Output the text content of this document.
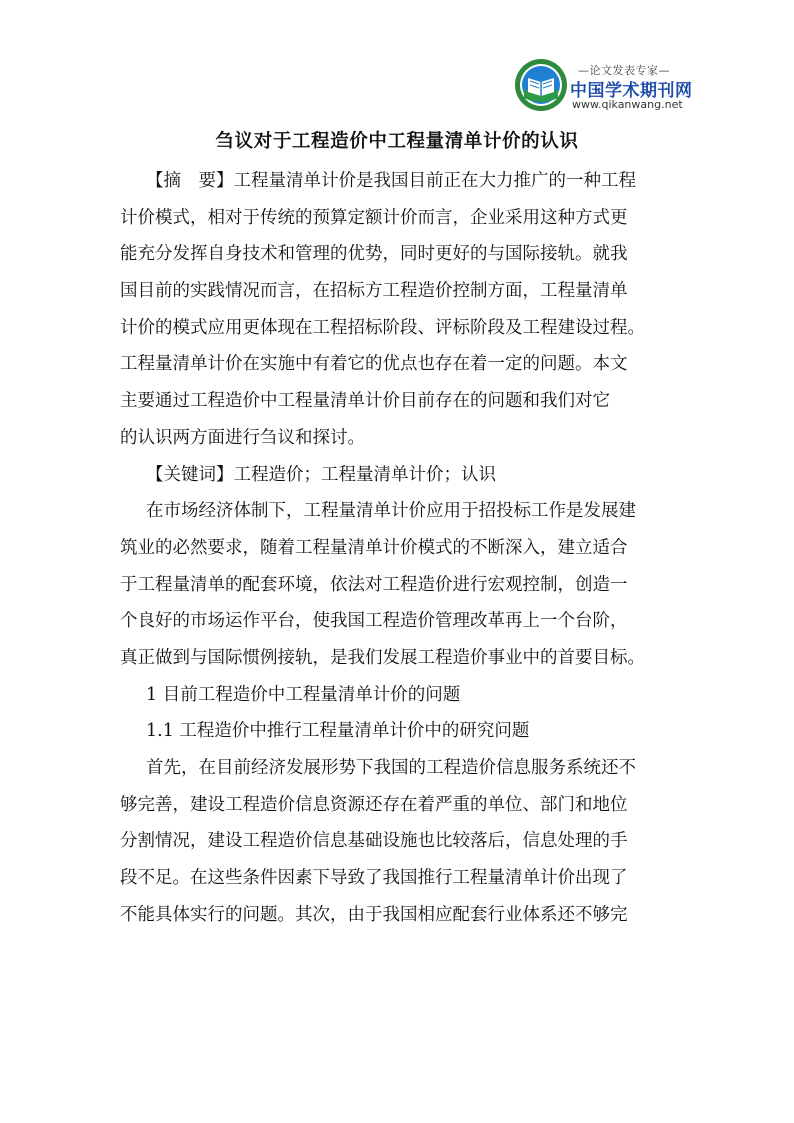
—论文发表专家—
中国学术期刊网
www.qikanwang.net
刍议对于工程造价中工程量清单计价的认识
【摘　要】工程量清单计价是我国目前正在大力推广的一种工程
计价模式，相对于传统的预算定额计价而言，企业采用这种方式更
能充分发挥自身技术和管理的优势，同时更好的与国际接轨。就我
国目前的实践情况而言，在招标方工程造价控制方面，工程量清单
计价的模式应用更体现在工程招标阶段、评标阶段及工程建设过程。
工程量清单计价在实施中有着它的优点也存在着一定的问题。本文
主要通过工程造价中工程量清单计价目前存在的问题和我们对它
的认识两方面进行刍议和探讨。
【关键词】工程造价；工程量清单计价；认识
在市场经济体制下，工程量清单计价应用于招投标工作是发展建
筑业的必然要求，随着工程量清单计价模式的不断深入，建立适合
于工程量清单的配套环境，依法对工程造价进行宏观控制，创造一
个良好的市场运作平台，使我国工程造价管理改革再上一个台阶，
真正做到与国际惯例接轨，是我们发展工程造价事业中的首要目标。
1 目前工程造价中工程量清单计价的问题
1.1 工程造价中推行工程量清单计价中的研究问题
首先，在目前经济发展形势下我国的工程造价信息服务系统还不
够完善，建设工程造价信息资源还存在着严重的单位、部门和地位
分割情况，建设工程造价信息基础设施也比较落后，信息处理的手
段不足。在这些条件因素下导致了我国推行工程量清单计价出现了
不能具体实行的问题。其次，由于我国相应配套行业体系还不够完
